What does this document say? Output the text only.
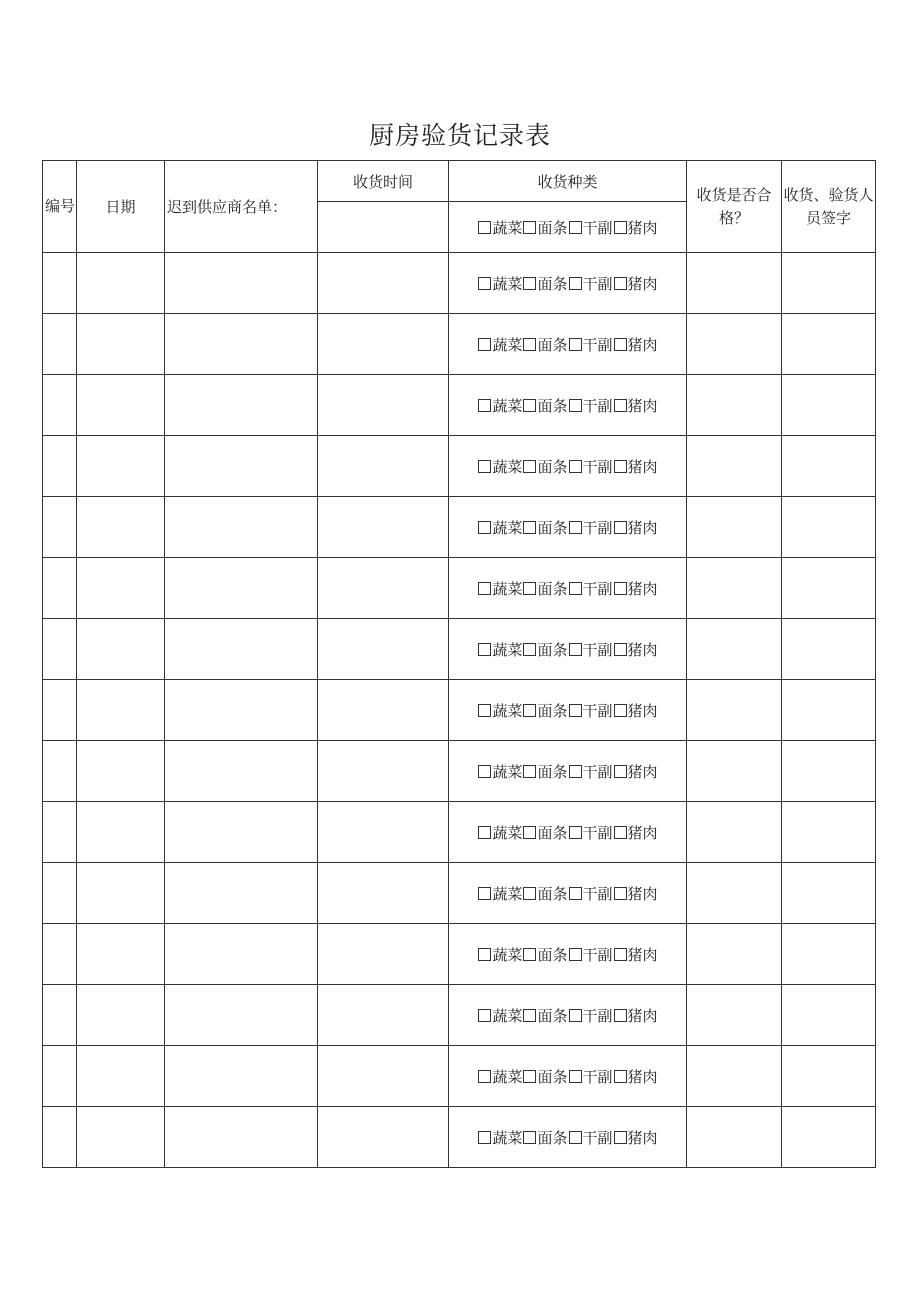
厨房验货记录表
编号	日期	迟到供应商名单：	收货时间	收货种类	收货是否合格？	收货、验货人员签字
				蔬菜 面条 干副 猪肉		
				蔬菜 面条 干副 猪肉		
				蔬菜 面条 干副 猪肉		
				蔬菜 面条 干副 猪肉		
				蔬菜 面条 干副 猪肉		
				蔬菜 面条 干副 猪肉		
				蔬菜 面条 干副 猪肉		
				蔬菜 面条 干副 猪肉		
				蔬菜 面条 干副 猪肉		
				蔬菜 面条 干副 猪肉		
				蔬菜 面条 干副 猪肉		
				蔬菜 面条 干副 猪肉		
				蔬菜 面条 干副 猪肉		
				蔬菜 面条 干副 猪肉		
				蔬菜 面条 干副 猪肉		
				蔬菜 面条 干副 猪肉		
